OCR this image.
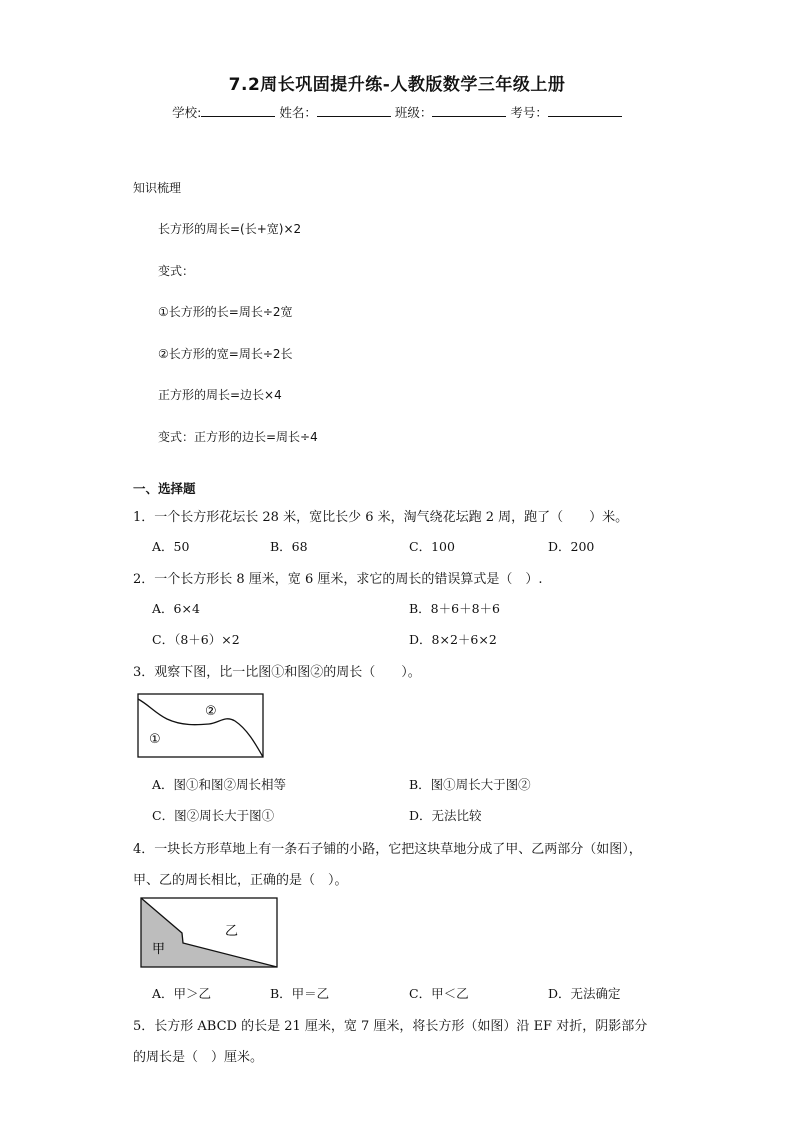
7.2周长巩固提升练-人教版数学三年级上册
学校:	姓名：	班级：	考号：
知识梳理
长方形的周长=(长+宽)×2
变式：
①长方形的长=周长÷2宽
②长方形的宽=周长÷2长
正方形的周长=边长×4
变式：正方形的边长=周长÷4
一、选择题
1．一个长方形花坛长 28 米，宽比长少 6 米，淘气绕花坛跑 2 周，跑了（　　）米。
A．50	B．68	C．100	D．200
2．一个长方形长 8 厘米，宽 6 厘米，求它的周长的错误算式是（　）.
A．6×4	B．8＋6＋8＋6
C．（8＋6）×2	D．8×2＋6×2
3．观察下图，比一比图①和图②的周长（　　）。
②
①
A．图①和图②周长相等	B．图①周长大于图②
C．图②周长大于图①	D．无法比较
4．一块长方形草地上有一条石子铺的小路，它把这块草地分成了甲、乙两部分（如图），
甲、乙的周长相比，正确的是（　）。
乙
甲
A．甲＞乙	B．甲＝乙	C．甲＜乙	D．无法确定
5．长方形 ABCD 的长是 21 厘米，宽 7 厘米，将长方形（如图）沿 EF 对折，阴影部分
的周长是（　）厘米。
